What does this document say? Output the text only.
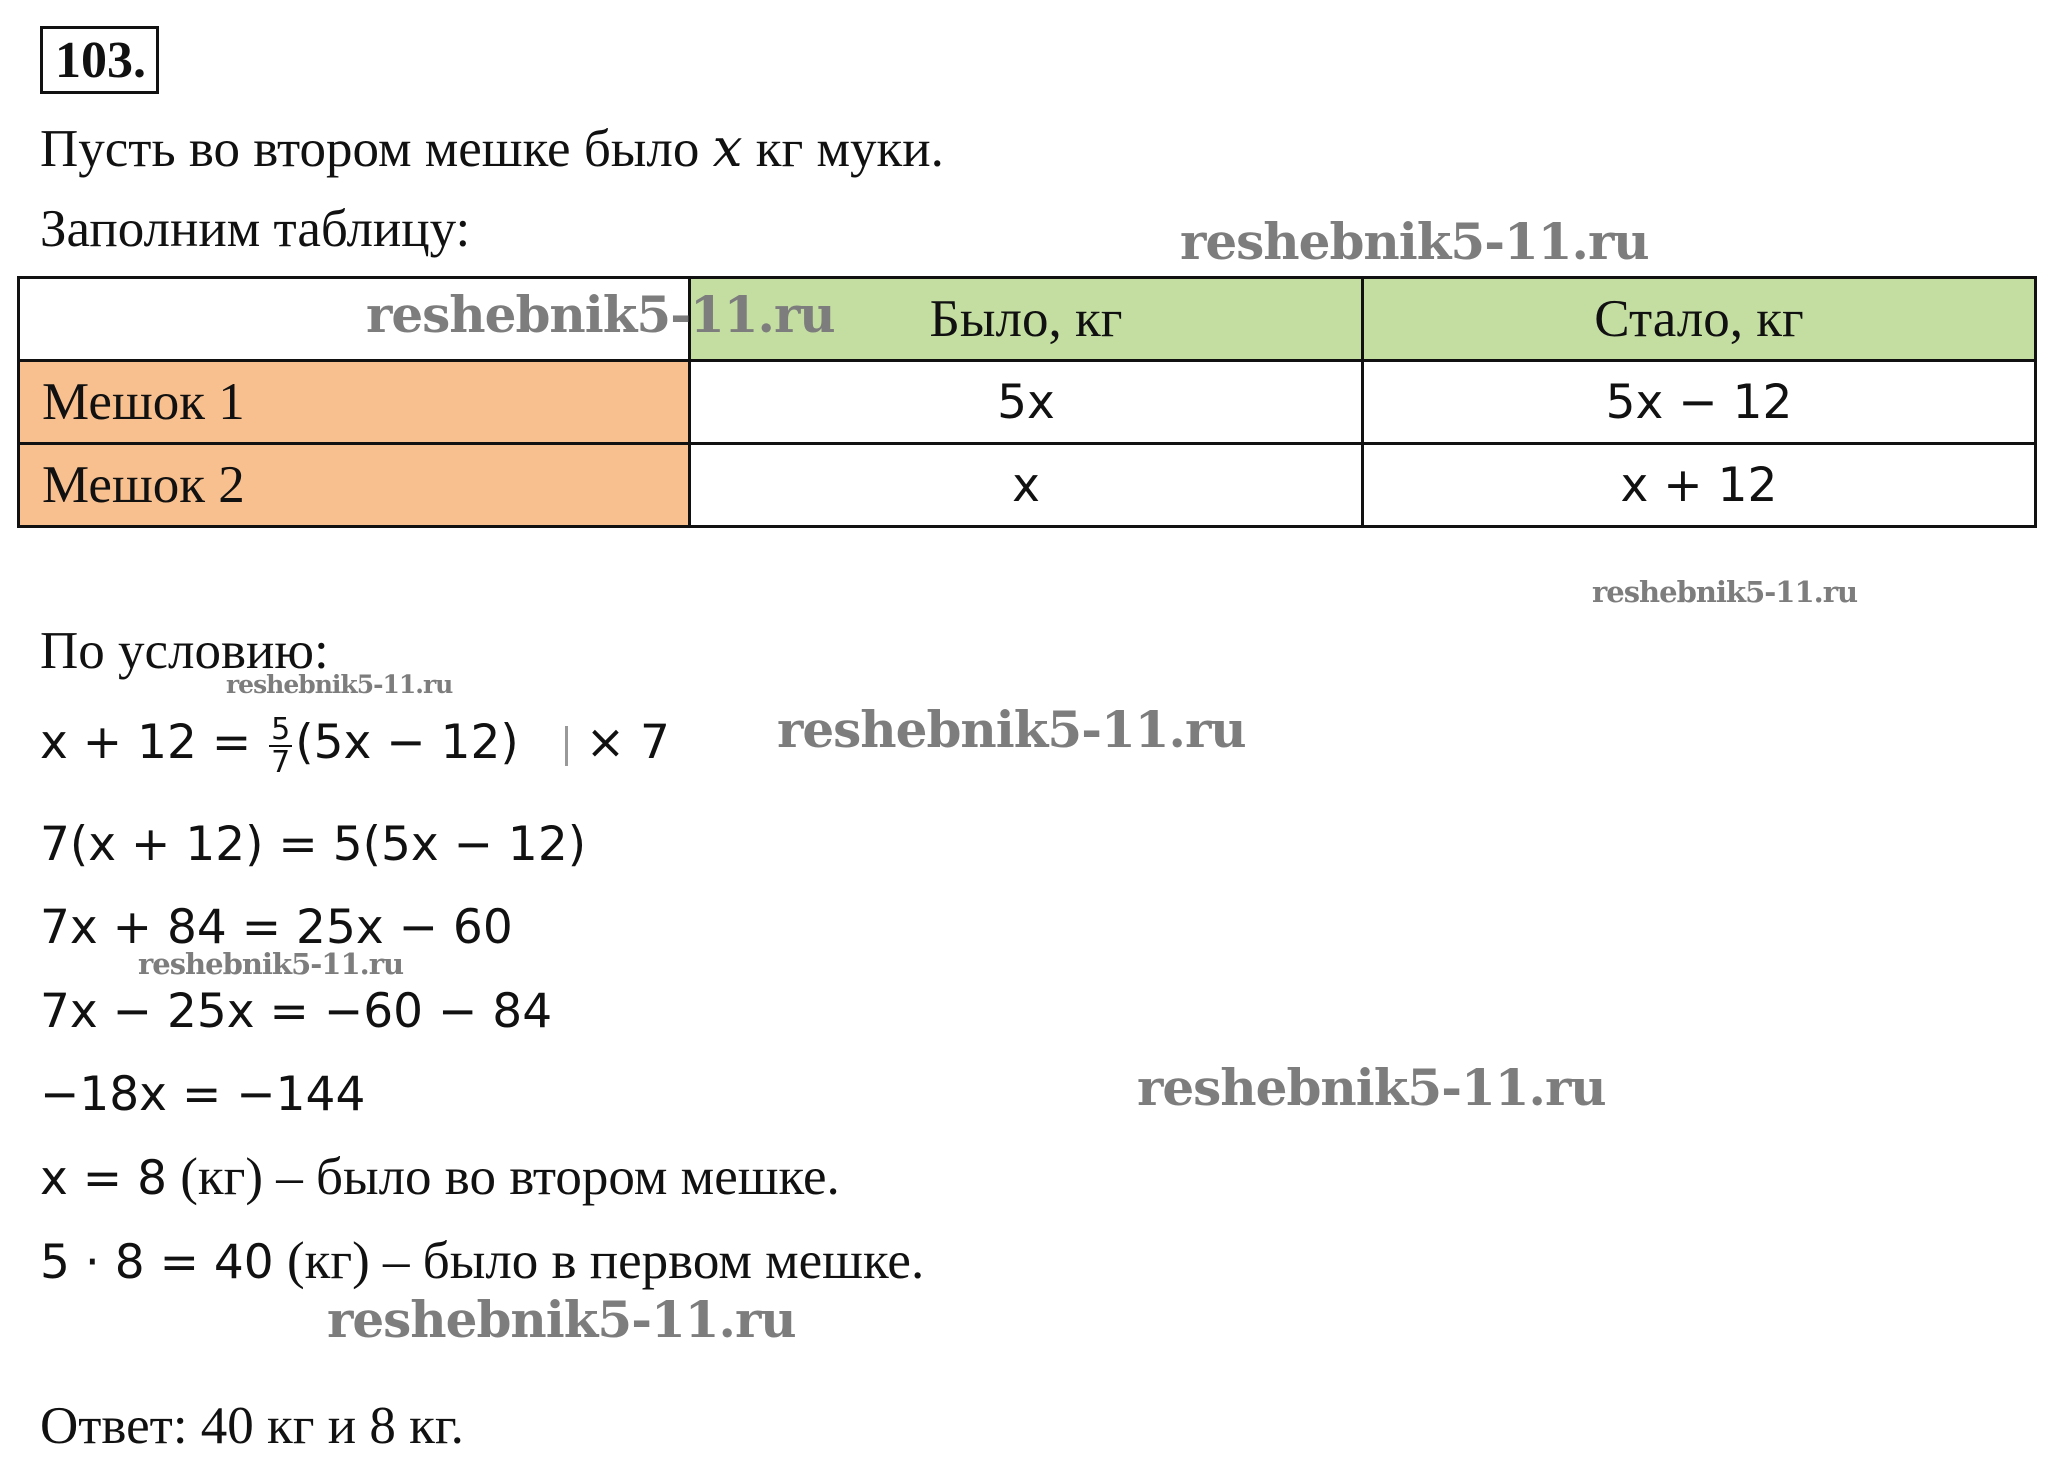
103.
Пусть во втором мешке было x кг муки.
Заполним таблицу:
	Было, кг	Стало, кг
Мешок 1	5x	5x − 12
Мешок 2	x	x + 12
По условию:
$x + 12 = \frac{5}{7} (5x - 12) \times 7$
7(x + 12) = 5(5x − 12)
7x + 84 = 25x − 60
7x − 25x = −60 − 84
−18x = −144
x = 8 (кг) – было во втором мешке.
5 · 8 = 40 (кг) – было в первом мешке.
Ответ: 40 кг и 8 кг.
reshebnik5-11.ru
reshebnik5-11.ru
reshebnik5-11.ru
reshebnik5-11.ru
reshebnik5-11.ru
reshebnik5-11.ru
reshebnik5-11.ru
reshebnik5-11.ru
